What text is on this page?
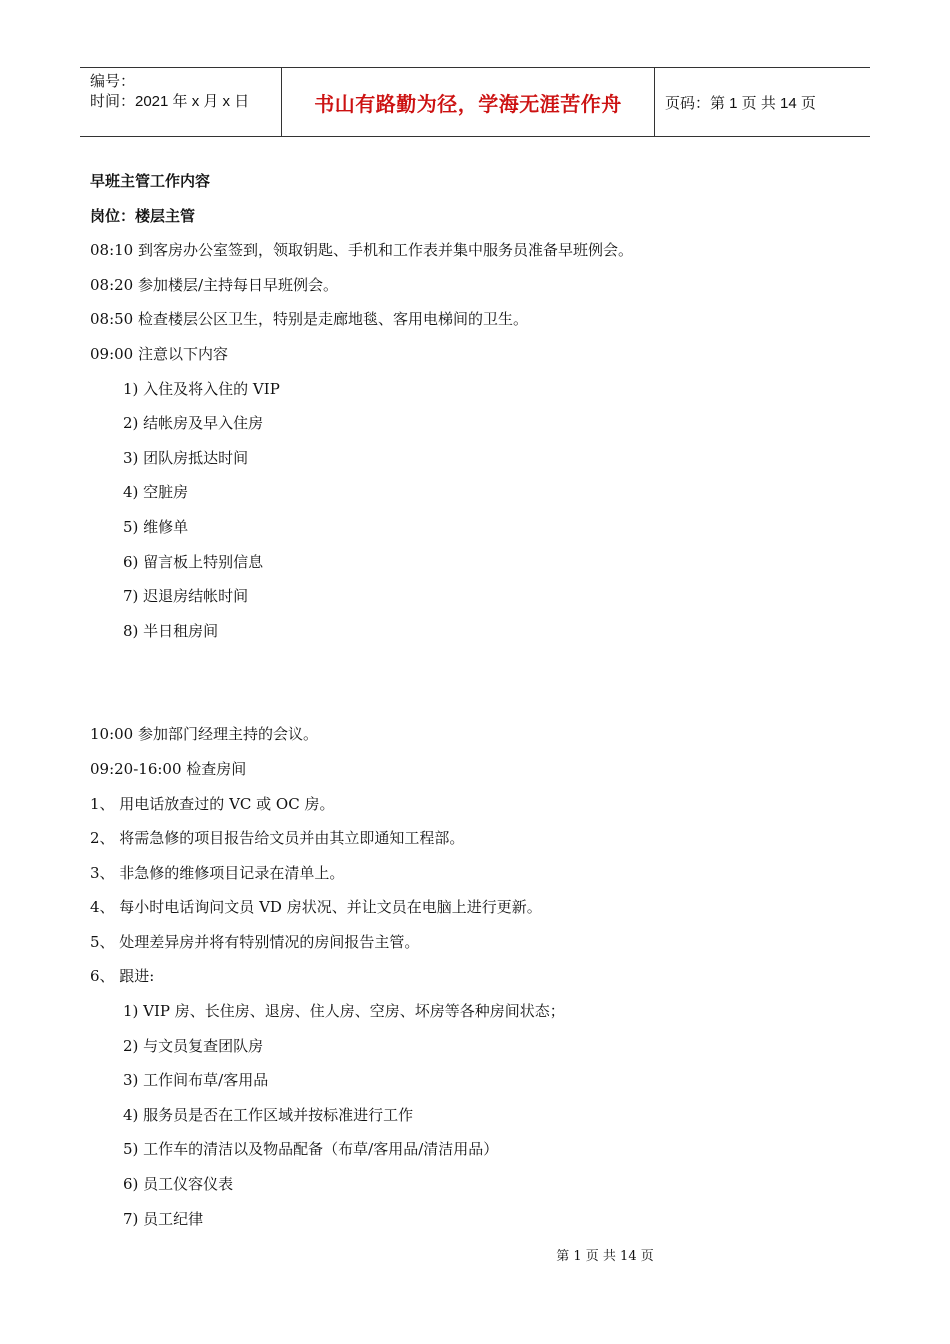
编号：
时间：2021 年 x 月 x 日	书山有路勤为径，学海无涯苦作舟	页码：第 1 页 共 14 页
早班主管工作内容
岗位：楼层主管
08:10 到客房办公室签到，领取钥匙、手机和工作表并集中服务员准备早班例会。
08:20 参加楼层/主持每日早班例会。
08:50 检查楼层公区卫生，特别是走廊地毯、客用电梯间的卫生。
09:00 注意以下内容
1) 入住及将入住的 VIP
2) 结帐房及早入住房
3) 团队房抵达时间
4) 空脏房
5) 维修单
6) 留言板上特别信息
7) 迟退房结帐时间
8) 半日租房间
10:00 参加部门经理主持的会议。
09:20-16:00 检查房间
1、 用电话放查过的 VC 或 OC 房。
2、 将需急修的项目报告给文员并由其立即通知工程部。
3、 非急修的维修项目记录在清单上。
4、 每小时电话询问文员 VD 房状况、并让文员在电脑上进行更新。
5、 处理差异房并将有特别情况的房间报告主管。
6、 跟进:
1) VIP 房、长住房、退房、住人房、空房、坏房等各种房间状态；
2) 与文员复查团队房
3) 工作间布草/客用品
4) 服务员是否在工作区域并按标准进行工作
5) 工作车的清洁以及物品配备（布草/客用品/清洁用品）
6) 员工仪容仪表
7) 员工纪律
第 1 页 共 14 页
